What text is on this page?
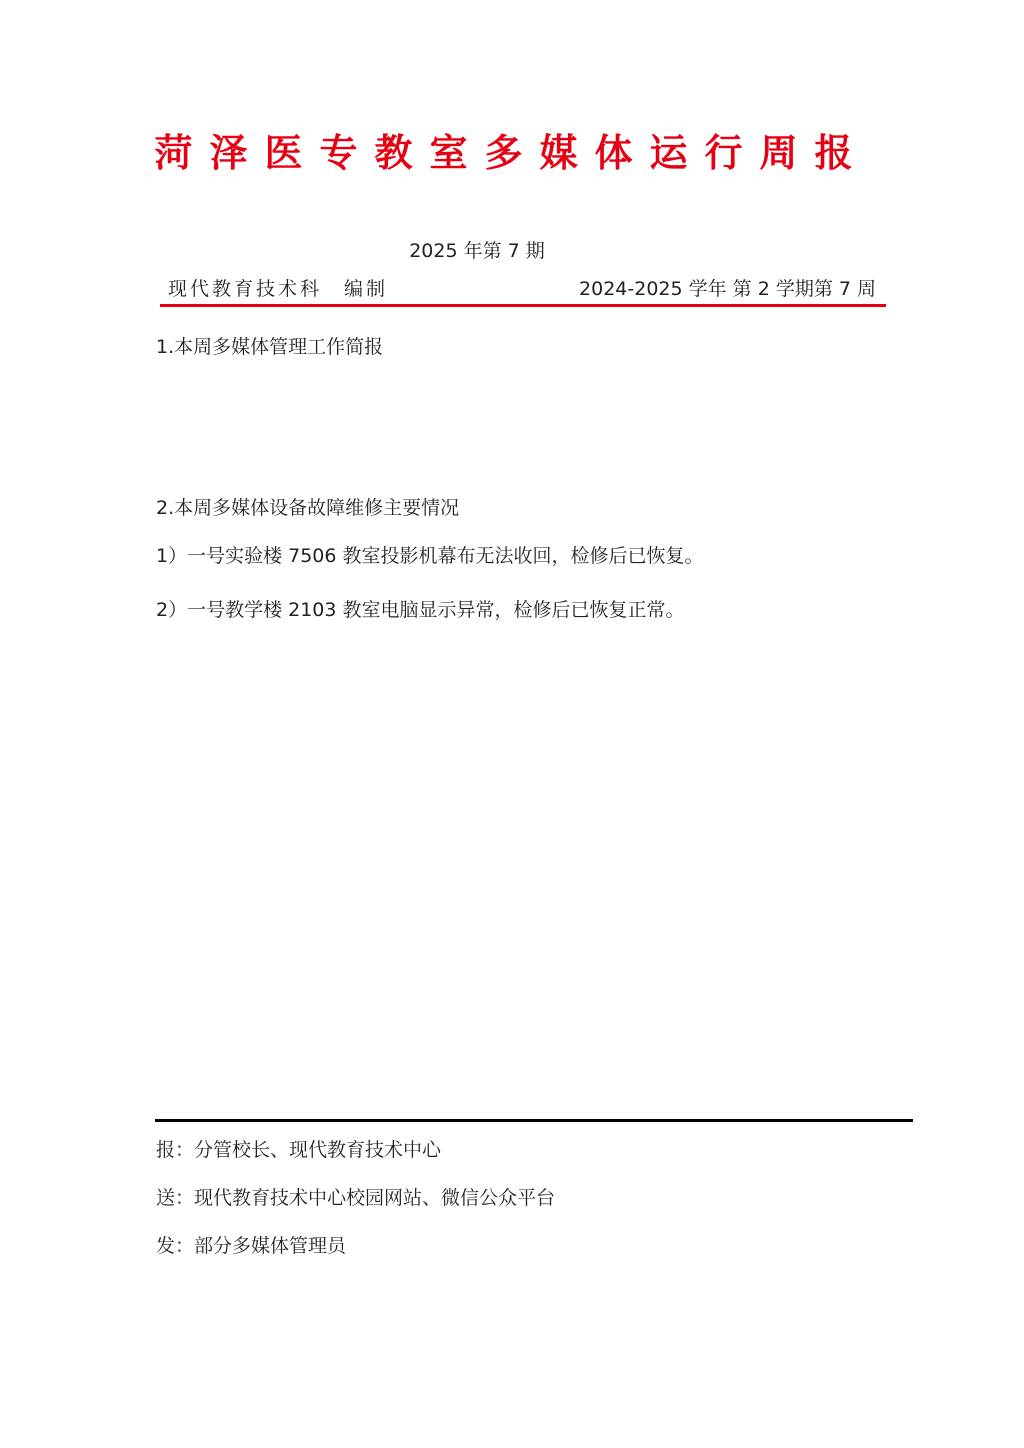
菏泽医专教室多媒体运行周报
2025 年第 7 期
现代教育技术科 编制	2024-2025 学年 第 2 学期第 7 周
1.本周多媒体管理工作简报
2.本周多媒体设备故障维修主要情况
1）一号实验楼 7506 教室投影机幕布无法收回，检修后已恢复。
2）一号教学楼 2103 教室电脑显示异常，检修后已恢复正常。
报：分管校长、现代教育技术中心
送：现代教育技术中心校园网站、微信公众平台
发：部分多媒体管理员
